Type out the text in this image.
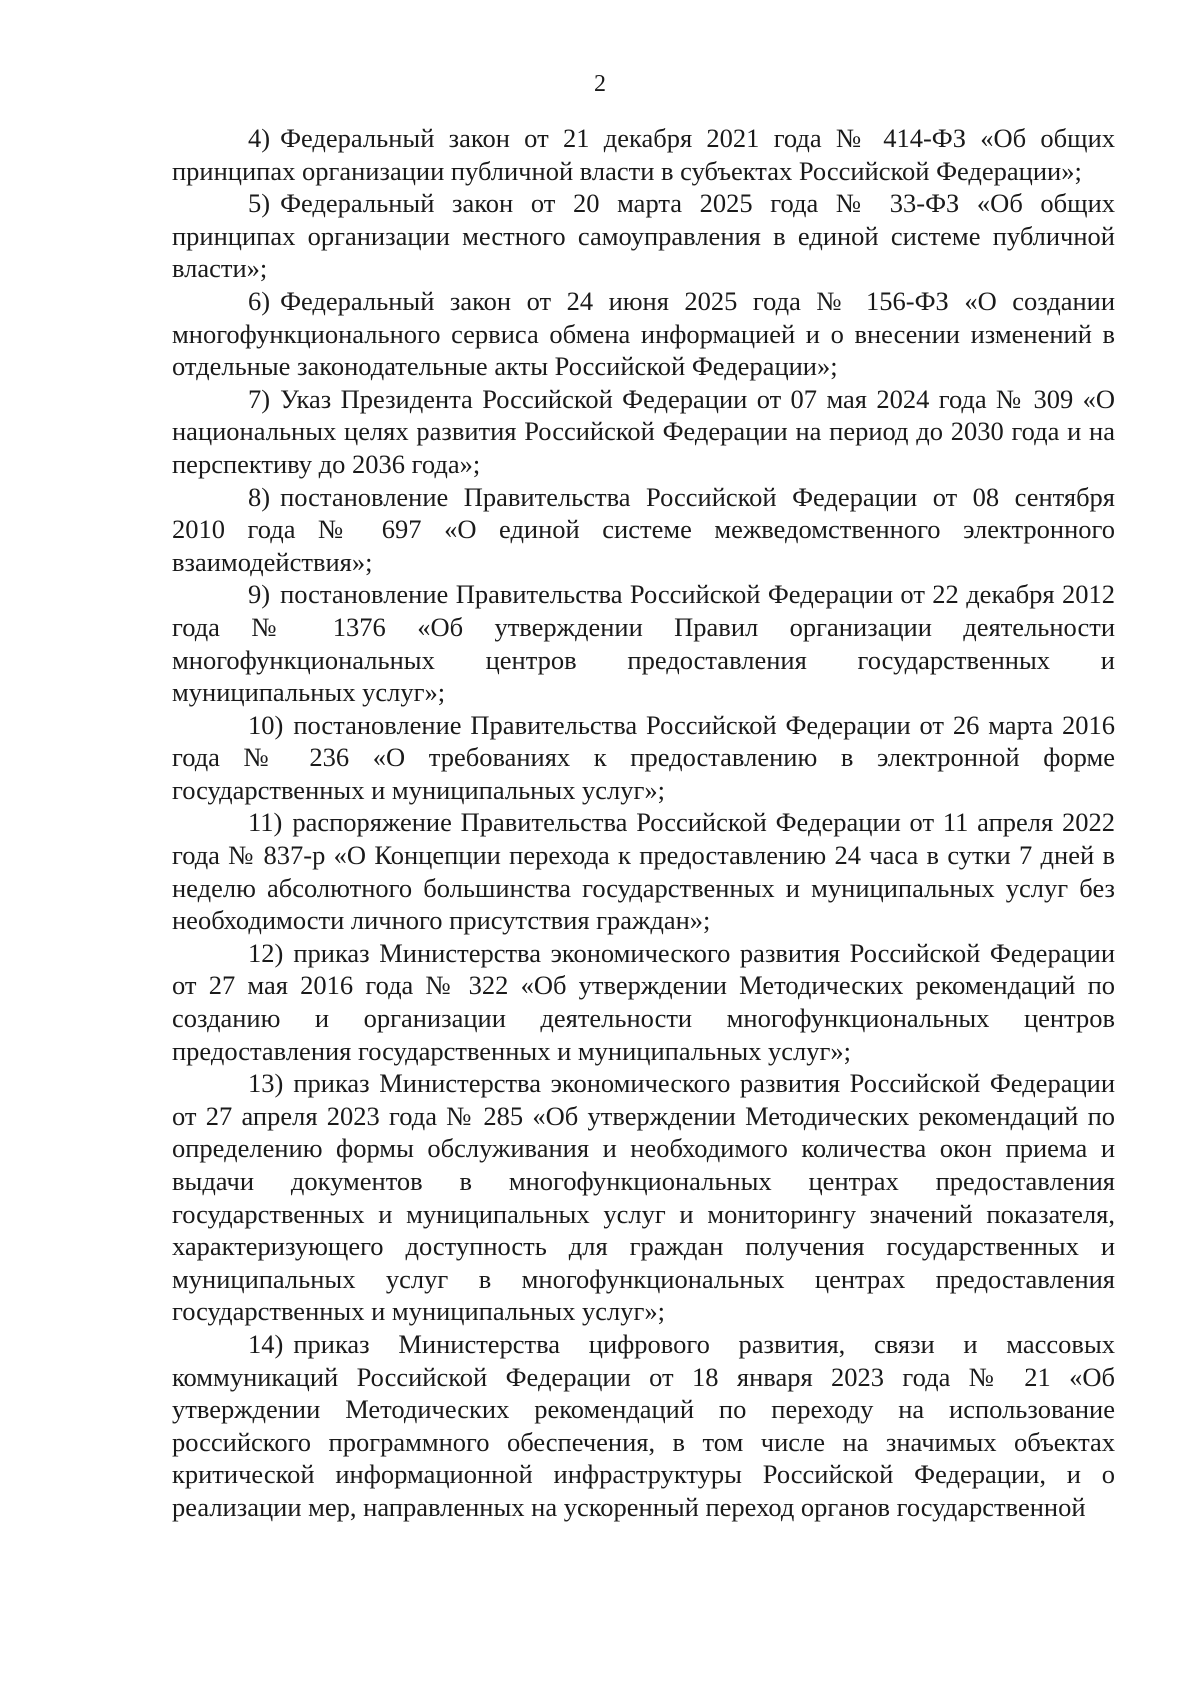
2

4) Федеральный закон от 21 декабря 2021 года № 414-ФЗ «Об общих принципах организации публичной власти в субъектах Российской Федерации»;

5) Федеральный закон от 20 марта 2025 года № 33-ФЗ «Об общих принципах организации местного самоуправления в единой системе публичной власти»;

6) Федеральный закон от 24 июня 2025 года № 156-ФЗ «О создании многофункционального сервиса обмена информацией и о внесении изменений в отдельные законодательные акты Российской Федерации»;

7) Указ Президента Российской Федерации от 07 мая 2024 года № 309 «О национальных целях развития Российской Федерации на период до 2030 года и на перспективу до 2036 года»;

8) постановление Правительства Российской Федерации от 08 сентября 2010 года № 697 «О единой системе межведомственного электронного взаимодействия»;

9) постановление Правительства Российской Федерации от 22 декабря 2012 года № 1376 «Об утверждении Правил организации деятельности многофункциональных центров предоставления государственных и муниципальных услуг»;

10) постановление Правительства Российской Федерации от 26 марта 2016 года № 236 «О требованиях к предоставлению в электронной форме государственных и муниципальных услуг»;

11) распоряжение Правительства Российской Федерации от 11 апреля 2022 года № 837-р «О Концепции перехода к предоставлению 24 часа в сутки 7 дней в неделю абсолютного большинства государственных и муниципальных услуг без необходимости личного присутствия граждан»;

12) приказ Министерства экономического развития Российской Федерации от 27 мая 2016 года № 322 «Об утверждении Методических рекомендаций по созданию и организации деятельности многофункциональных центров предоставления государственных и муниципальных услуг»;

13) приказ Министерства экономического развития Российской Федерации от 27 апреля 2023 года № 285 «Об утверждении Методических рекомендаций по определению формы обслуживания и необходимого количества окон приема и выдачи документов в многофункциональных центрах предоставления государственных и муниципальных услуг и мониторингу значений показателя, характеризующего доступность для граждан получения государственных и муниципальных услуг в многофункциональных центрах предоставления государственных и муниципальных услуг»;

14) приказ Министерства цифрового развития, связи и массовых коммуникаций Российской Федерации от 18 января 2023 года № 21 «Об утверждении Методических рекомендаций по переходу на использование российского программного обеспечения, в том числе на значимых объектах критической информационной инфраструктуры Российской Федерации, и о реализации мер, направленных на ускоренный переход органов государственной
